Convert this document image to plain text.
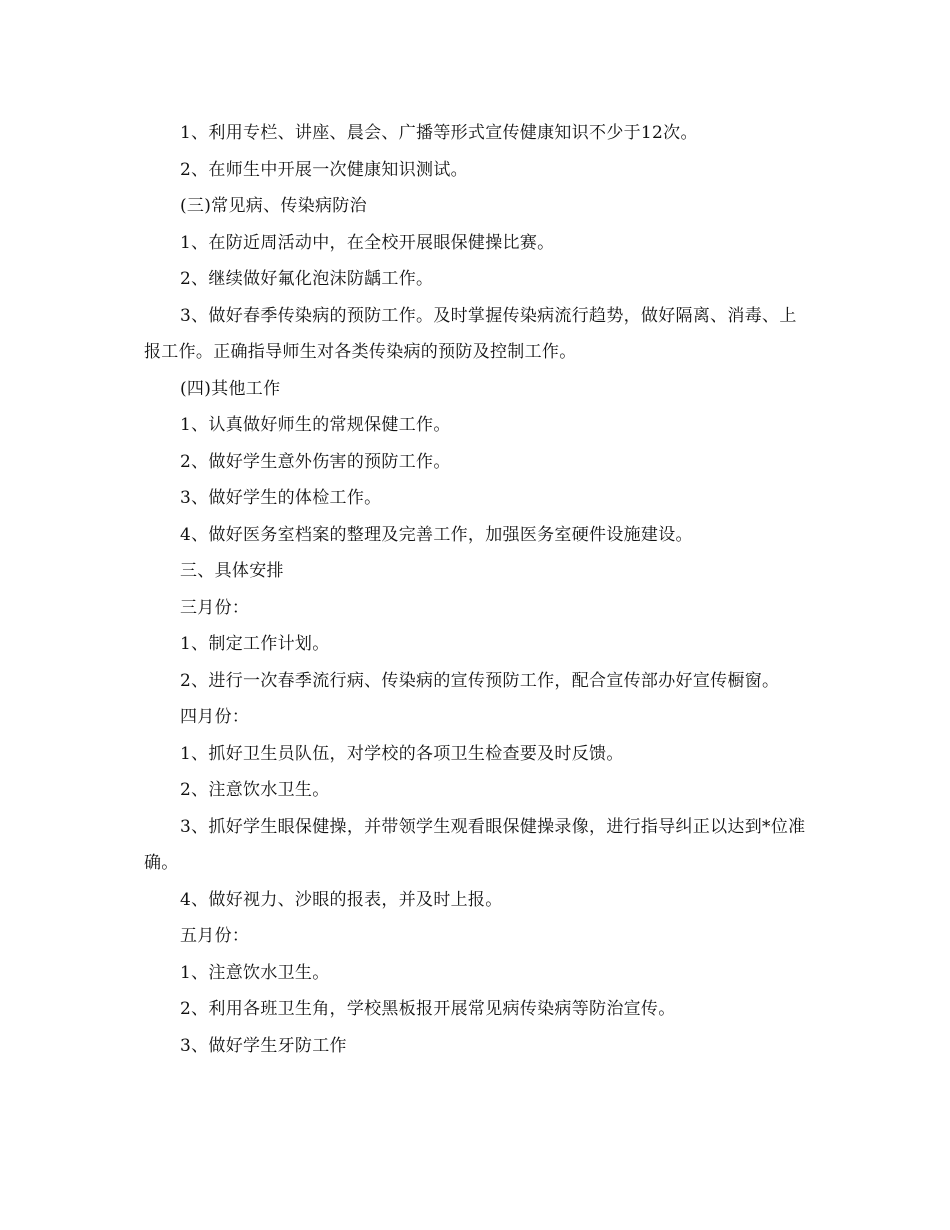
1、利用专栏、讲座、晨会、广播等形式宣传健康知识不少于12次。

2、在师生中开展一次健康知识测试。

(三)常见病、传染病防治

1、在防近周活动中，在全校开展眼保健操比赛。

2、继续做好氟化泡沫防龋工作。

3、做好春季传染病的预防工作。及时掌握传染病流行趋势，做好隔离、消毒、上报工作。正确指导师生对各类传染病的预防及控制工作。

(四)其他工作

1、认真做好师生的常规保健工作。

2、做好学生意外伤害的预防工作。

3、做好学生的体检工作。

4、做好医务室档案的整理及完善工作，加强医务室硬件设施建设。

三、具体安排

三月份：

1、制定工作计划。

2、进行一次春季流行病、传染病的宣传预防工作，配合宣传部办好宣传橱窗。

四月份：

1、抓好卫生员队伍，对学校的各项卫生检查要及时反馈。

2、注意饮水卫生。

3、抓好学生眼保健操，并带领学生观看眼保健操录像，进行指导纠正以达到*位准确。

4、做好视力、沙眼的报表，并及时上报。

五月份：

1、注意饮水卫生。

2、利用各班卫生角，学校黑板报开展常见病传染病等防治宣传。

3、做好学生牙防工作
